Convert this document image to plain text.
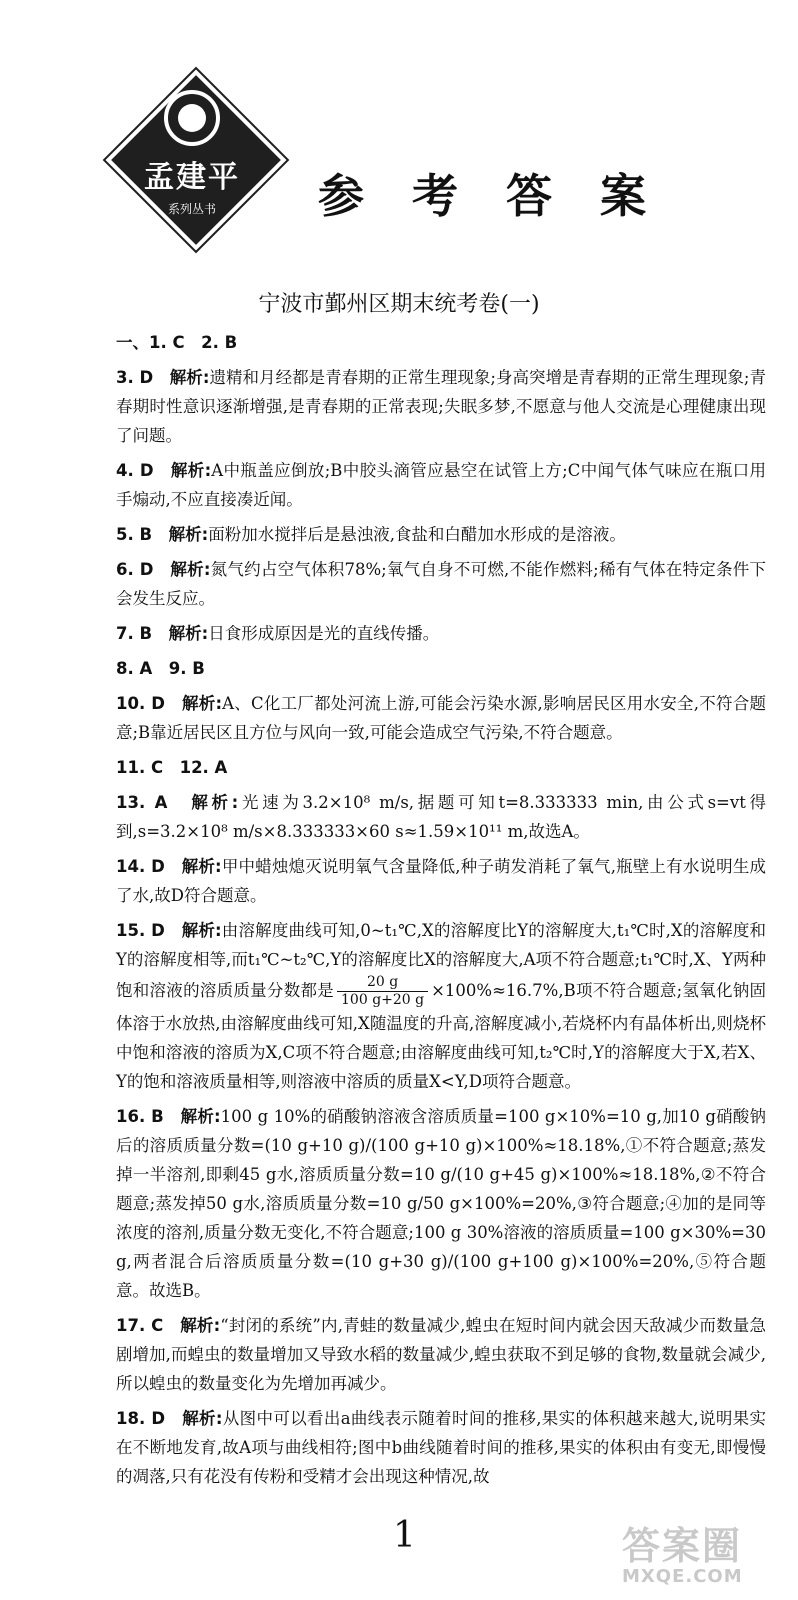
孟建平
系列丛书	参 考 答 案
宁波市鄞州区期末统考卷(一)

一、1. C　2. B

3. D　 解析:遗精和月经都是青春期的正常生理现象;身高突增是青春期的正常生理现象;青春期时性意识逐渐增强,是青春期的正常表现;失眠多梦,不愿意与他人交流是心理健康出现了问题。

4. D　 解析:A中瓶盖应倒放;B中胶头滴管应悬空在试管上方;C中闻气体气味应在瓶口用手煽动,不应直接凑近闻。

5. B　 解析:面粉加水搅拌后是悬浊液,食盐和白醋加水形成的是溶液。

6. D　 解析:氮气约占空气体积78%;氧气自身不可燃,不能作燃料;稀有气体在特定条件下会发生反应。

7. B　 解析:日食形成原因是光的直线传播。

8. A　9. B

10. D　 解析:A、C化工厂都处河流上游,可能会污染水源,影响居民区用水安全,不符合题意;B靠近居民区且方位与风向一致,可能会造成空气污染,不符合题意。

11. C　12. A

13. A　 解析:光速为3.2×10⁸ m/s,据题可知t=8.333333 min,由公式s=vt得到,s=3.2×10⁸ m/s×8.333333×60 s≈1.59×10¹¹ m,故选A。

14. D　 解析:甲中蜡烛熄灭说明氧气含量降低,种子萌发消耗了氧气,瓶壁上有水说明生成了水,故D符合题意。

15. D　 解析:由溶解度曲线可知,0~t₁℃,X的溶解度比Y的溶解度大,t₁℃时,X的溶解度和Y的溶解度相等,而t₁℃~t₂℃,Y的溶解度比X的溶解度大,A项不符合题意;t₁℃时,X、Y两种饱和溶液的溶质质量分数都是 $\frac{20 g}{100 g+20 g} \times 100\%\approx 16.7\%,B$项不符合题意;氢氧化钠固体溶于水放热,由溶解度曲线可知,X随温度的升高,溶解度减小,若烧杯内有晶体析出,则烧杯中饱和溶液的溶质为X,C项不符合题意;由溶解度曲线可知,t₂℃时,Y的溶解度大于X,若X、Y的饱和溶液质量相等,则溶液中溶质的质量X<Y,D项符合题意。

16. B　 解析:100 g 10%的硝酸钠溶液含溶质质量=100 g×10%=10 g,加10 g硝酸钠后的溶质质量分数=(10 g+10 g)/(100 g+10 g)×100%≈18.18%,①不符合题意;蒸发掉一半溶剂,即剩45 g水,溶质质量分数=10 g/(10 g+45 g)×100%≈18.18%,②不符合题意;蒸发掉50 g水,溶质质量分数=10 g/50 g×100%=20%,③符合题意;④加的是同等浓度的溶剂,质量分数无变化,不符合题意;100 g 30%溶液的溶质质量=100 g×30%=30 g,两者混合后溶质质量分数=(10 g+30 g)/(100 g+100 g)×100%=20%,⑤符合题意。故选B。

17. C　 解析:“封闭的系统”内,青蛙的数量减少,蝗虫在短时间内就会因天敌减少而数量急剧增加,而蝗虫的数量增加又导致水稻的数量减少,蝗虫获取不到足够的食物,数量就会减少,所以蝗虫的数量变化为先增加再减少。

18. D　 解析:从图中可以看出a曲线表示随着时间的推移,果实的体积越来越大,说明果实在不断地发育,故A项与曲线相符;图中b曲线随着时间的推移,果实的体积由有变无,即慢慢的凋落,只有花没有传粉和受精才会出现这种情况,故

1	答案圈
MXQE.COM
